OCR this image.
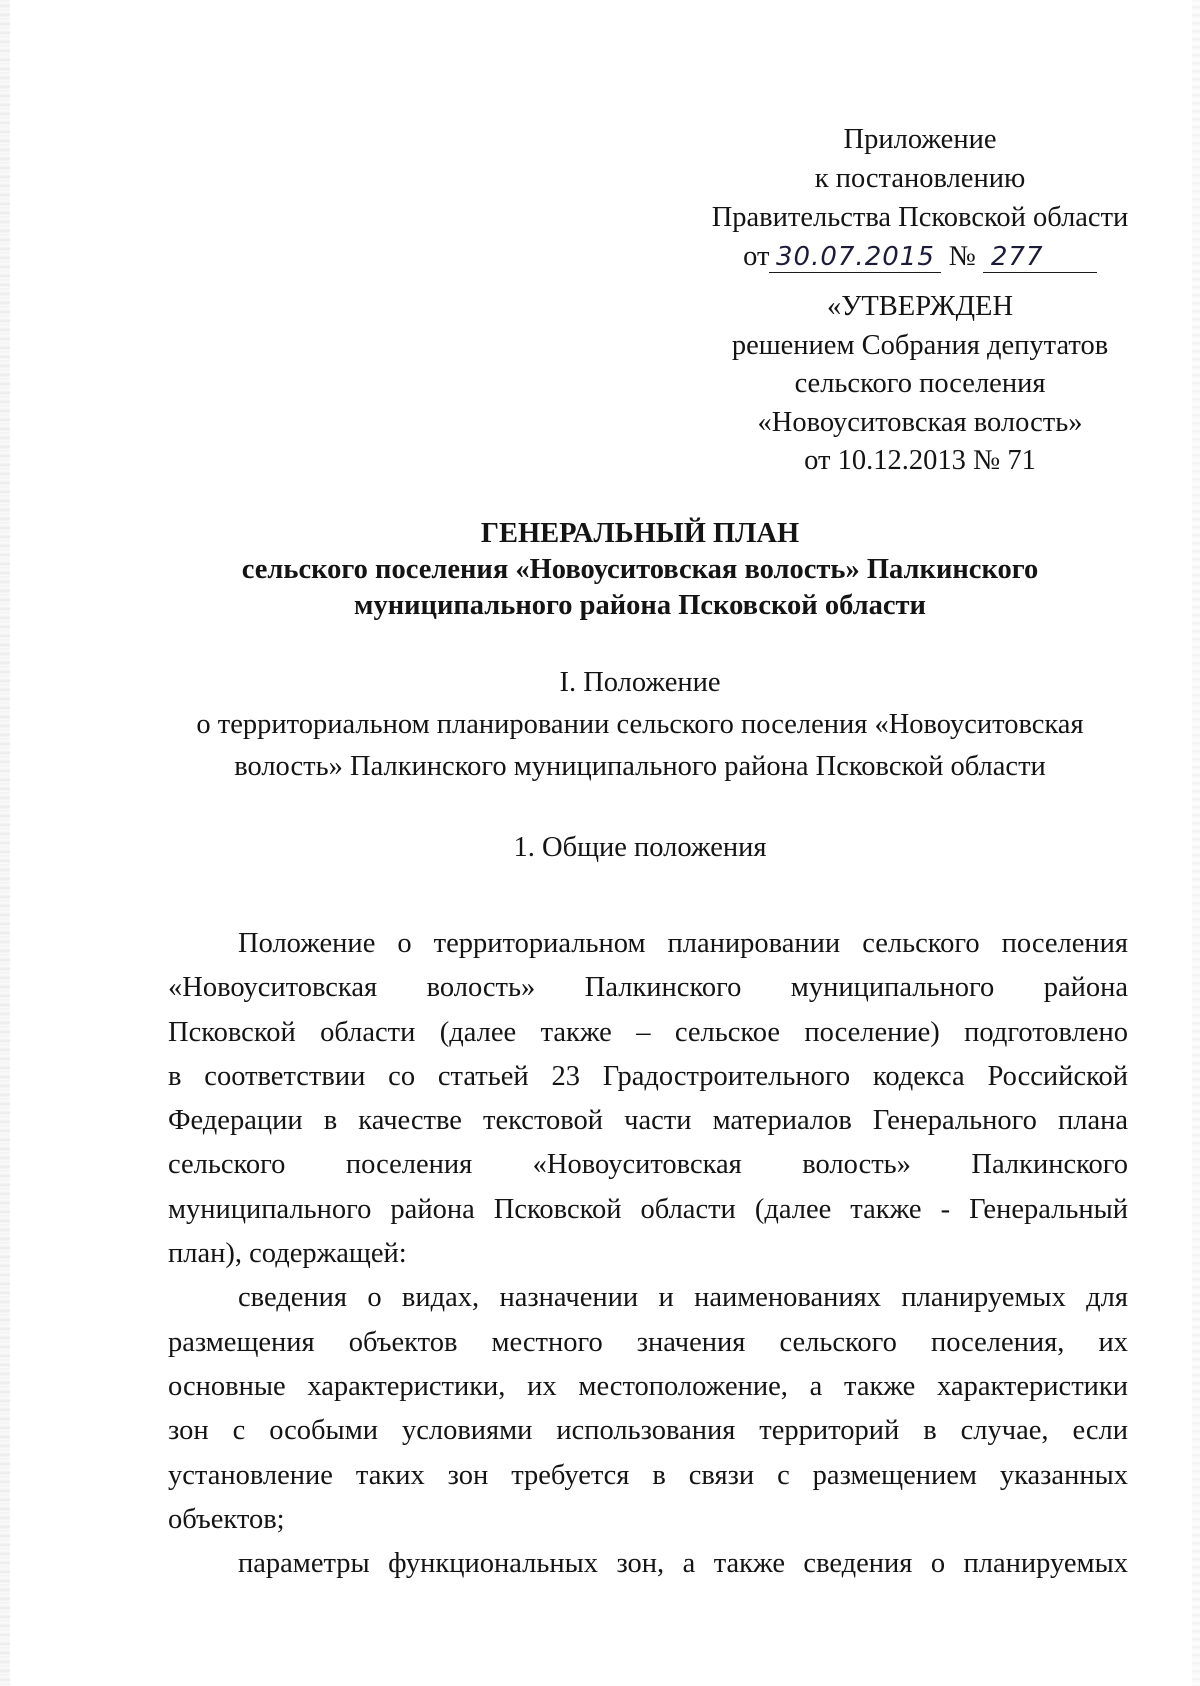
Приложение
к постановлению
Правительства Псковской области
от 30.07.2015 № 277
«УТВЕРЖДЕН
решением Собрания депутатов
сельского поселения
«Новоуситовская волость»
от 10.12.2013 № 71
ГЕНЕРАЛЬНЫЙ ПЛАН
сельского поселения «Новоуситовская волость» Палкинского
муниципального района Псковской области
I. Положение
о территориальном планировании сельского поселения «Новоуситовская
волость» Палкинского муниципального района Псковской области
1. Общие положения

Положение о территориальном планировании сельского поселения
«Новоуситовская волость» Палкинского муниципального района
Псковской области (далее также – сельское поселение) подготовлено
в соответствии со статьей 23 Градостроительного кодекса Российской
Федерации в качестве текстовой части материалов Генерального плана
сельского поселения «Новоуситовская волость» Палкинского
муниципального района Псковской области (далее также - Генеральный
план), содержащей:

сведения о видах, назначении и наименованиях планируемых для
размещения объектов местного значения сельского поселения, их
основные характеристики, их местоположение, а также характеристики
зон с особыми условиями использования территорий в случае, если
установление таких зон требуется в связи с размещением указанных
объектов;

параметры функциональных зон, а также сведения о планируемых
